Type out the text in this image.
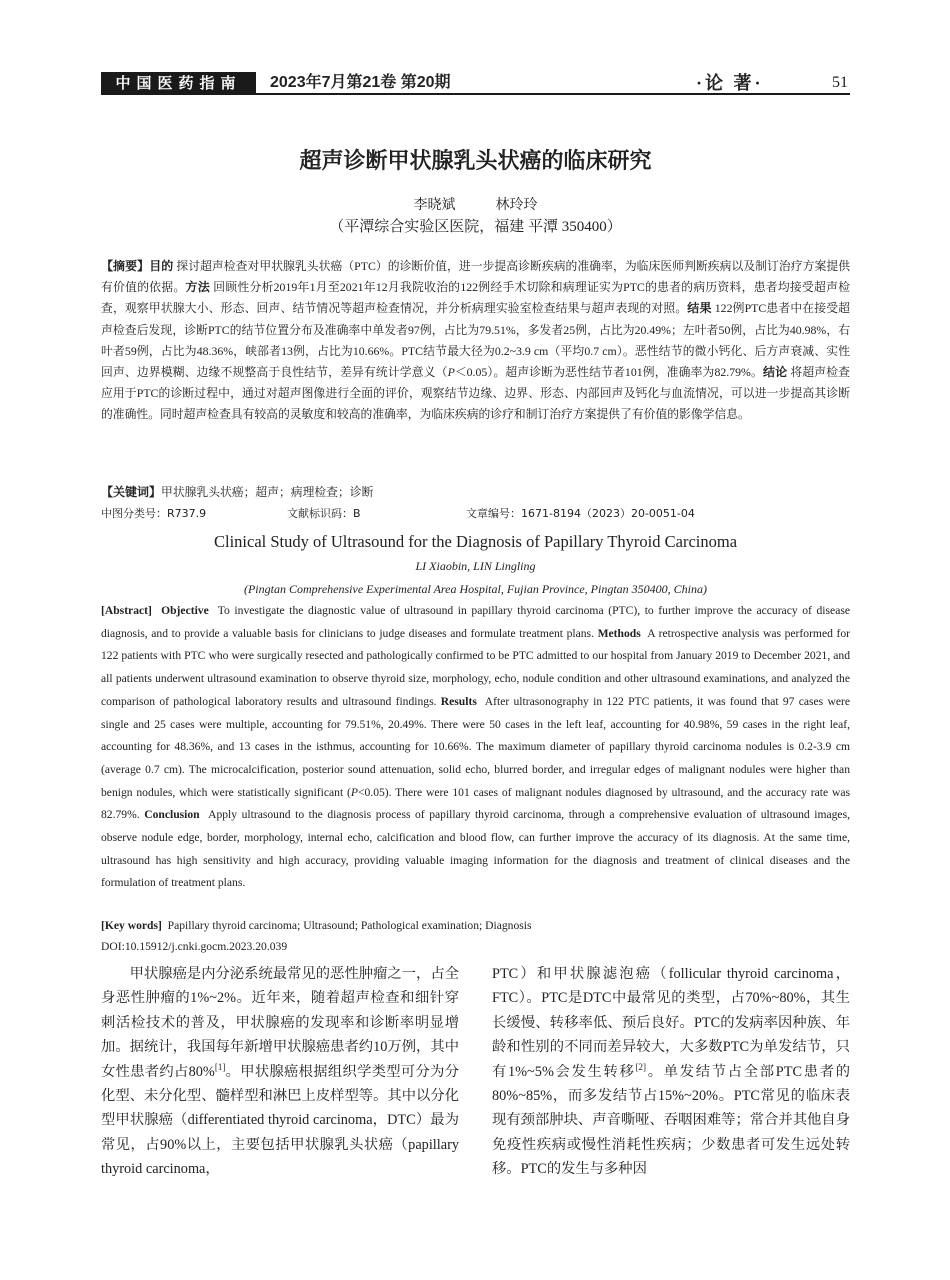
中国医药指南	2023年7月第21卷 第20期	·论 著·	51
超声诊断甲状腺乳头状癌的临床研究
李晓斌	林玲玲
（平潭综合实验区医院，福建 平潭 350400）
【摘要】目的 探讨超声检查对甲状腺乳头状癌（PTC）的诊断价值，进一步提高诊断疾病的准确率，为临床医师判断疾病以及制订治疗方案提供有价值的依据。方法 回顾性分析2019年1月至2021年12月我院收治的122例经手术切除和病理证实为PTC的患者的病历资料，患者均接受超声检查，观察甲状腺大小、形态、回声、结节情况等超声检查情况，并分析病理实验室检查结果与超声表现的对照。结果 122例PTC患者中在接受超声检查后发现，诊断PTC的结节位置分布及准确率中单发者97例，占比为79.51%，多发者25例，占比为20.49%；左叶者50例，占比为40.98%，右叶者59例，占比为48.36%，峡部者13例，占比为10.66%。PTC结节最大径为0.2~3.9 cm（平均0.7 cm）。恶性结节的微小钙化、后方声衰减、实性回声、边界模糊、边缘不规整高于良性结节，差异有统计学意义（P＜0.05）。超声诊断为恶性结节者101例，准确率为82.79%。结论 将超声检查应用于PTC的诊断过程中，通过对超声图像进行全面的评价，观察结节边缘、边界、形态、内部回声及钙化与血流情况，可以进一步提高其诊断的准确性。同时超声检查具有较高的灵敏度和较高的准确率，为临床疾病的诊疗和制订治疗方案提供了有价值的影像学信息。
【关键词】甲状腺乳头状癌；超声；病理检查；诊断
中图分类号：R737.9	文献标识码：B	文章编号：1671-8194（2023）20-0051-04
Clinical Study of Ultrasound for the Diagnosis of Papillary Thyroid Carcinoma
LI Xiaobin, LIN Lingling
(Pingtan Comprehensive Experimental Area Hospital, Fujian Province, Pingtan 350400, China)
[Abstract] Objective To investigate the diagnostic value of ultrasound in papillary thyroid carcinoma (PTC), to further improve the accuracy of disease diagnosis, and to provide a valuable basis for clinicians to judge diseases and formulate treatment plans. Methods A retrospective analysis was performed for 122 patients with PTC who were surgically resected and pathologically confirmed to be PTC admitted to our hospital from January 2019 to December 2021, and all patients underwent ultrasound examination to observe thyroid size, morphology, echo, nodule condition and other ultrasound examinations, and analyzed the comparison of pathological laboratory results and ultrasound findings. Results After ultrasonography in 122 PTC patients, it was found that 97 cases were single and 25 cases were multiple, accounting for 79.51%, 20.49%. There were 50 cases in the left leaf, accounting for 40.98%, 59 cases in the right leaf, accounting for 48.36%, and 13 cases in the isthmus, accounting for 10.66%. The maximum diameter of papillary thyroid carcinoma nodules is 0.2-3.9 cm (average 0.7 cm). The microcalcification, posterior sound attenuation, solid echo, blurred border, and irregular edges of malignant nodules were higher than benign nodules, which were statistically significant (P<0.05). There were 101 cases of malignant nodules diagnosed by ultrasound, and the accuracy rate was 82.79%. Conclusion Apply ultrasound to the diagnosis process of papillary thyroid carcinoma, through a comprehensive evaluation of ultrasound images, observe nodule edge, border, morphology, internal echo, calcification and blood flow, can further improve the accuracy of its diagnosis. At the same time, ultrasound has high sensitivity and high accuracy, providing valuable imaging information for the diagnosis and treatment of clinical diseases and the formulation of treatment plans.
[Key words] Papillary thyroid carcinoma; Ultrasound; Pathological examination; Diagnosis
DOI:10.15912/j.cnki.gocm.2023.20.039
甲状腺癌是内分泌系统最常见的恶性肿瘤之一，占全身恶性肿瘤的1%~2%。近年来，随着超声检查和细针穿刺活检技术的普及，甲状腺癌的发现率和诊断率明显增加。据统计，我国每年新增甲状腺癌患者约10万例，其中女性患者约占80%[1]。甲状腺癌根据组织学类型可分为分化型、未分化型、髓样型和淋巴上皮样型等。其中以分化型甲状腺癌（differentiated thyroid carcinoma，DTC）最为常见，占90%以上，主要包括甲状腺乳头状癌（papillary thyroid carcinoma，
PTC）和甲状腺滤泡癌（follicular thyroid carcinoma，FTC）。PTC是DTC中最常见的类型，占70%~80%，其生长缓慢、转移率低、预后良好。PTC的发病率因种族、年龄和性别的不同而差异较大，大多数PTC为单发结节，只有1%~5%会发生转移[2]。单发结节占全部PTC患者的80%~85%，而多发结节占15%~20%。PTC常见的临床表现有颈部肿块、声音嘶哑、吞咽困难等；常合并其他自身免疫性疾病或慢性消耗性疾病；少数患者可发生远处转移。PTC的发生与多种因
